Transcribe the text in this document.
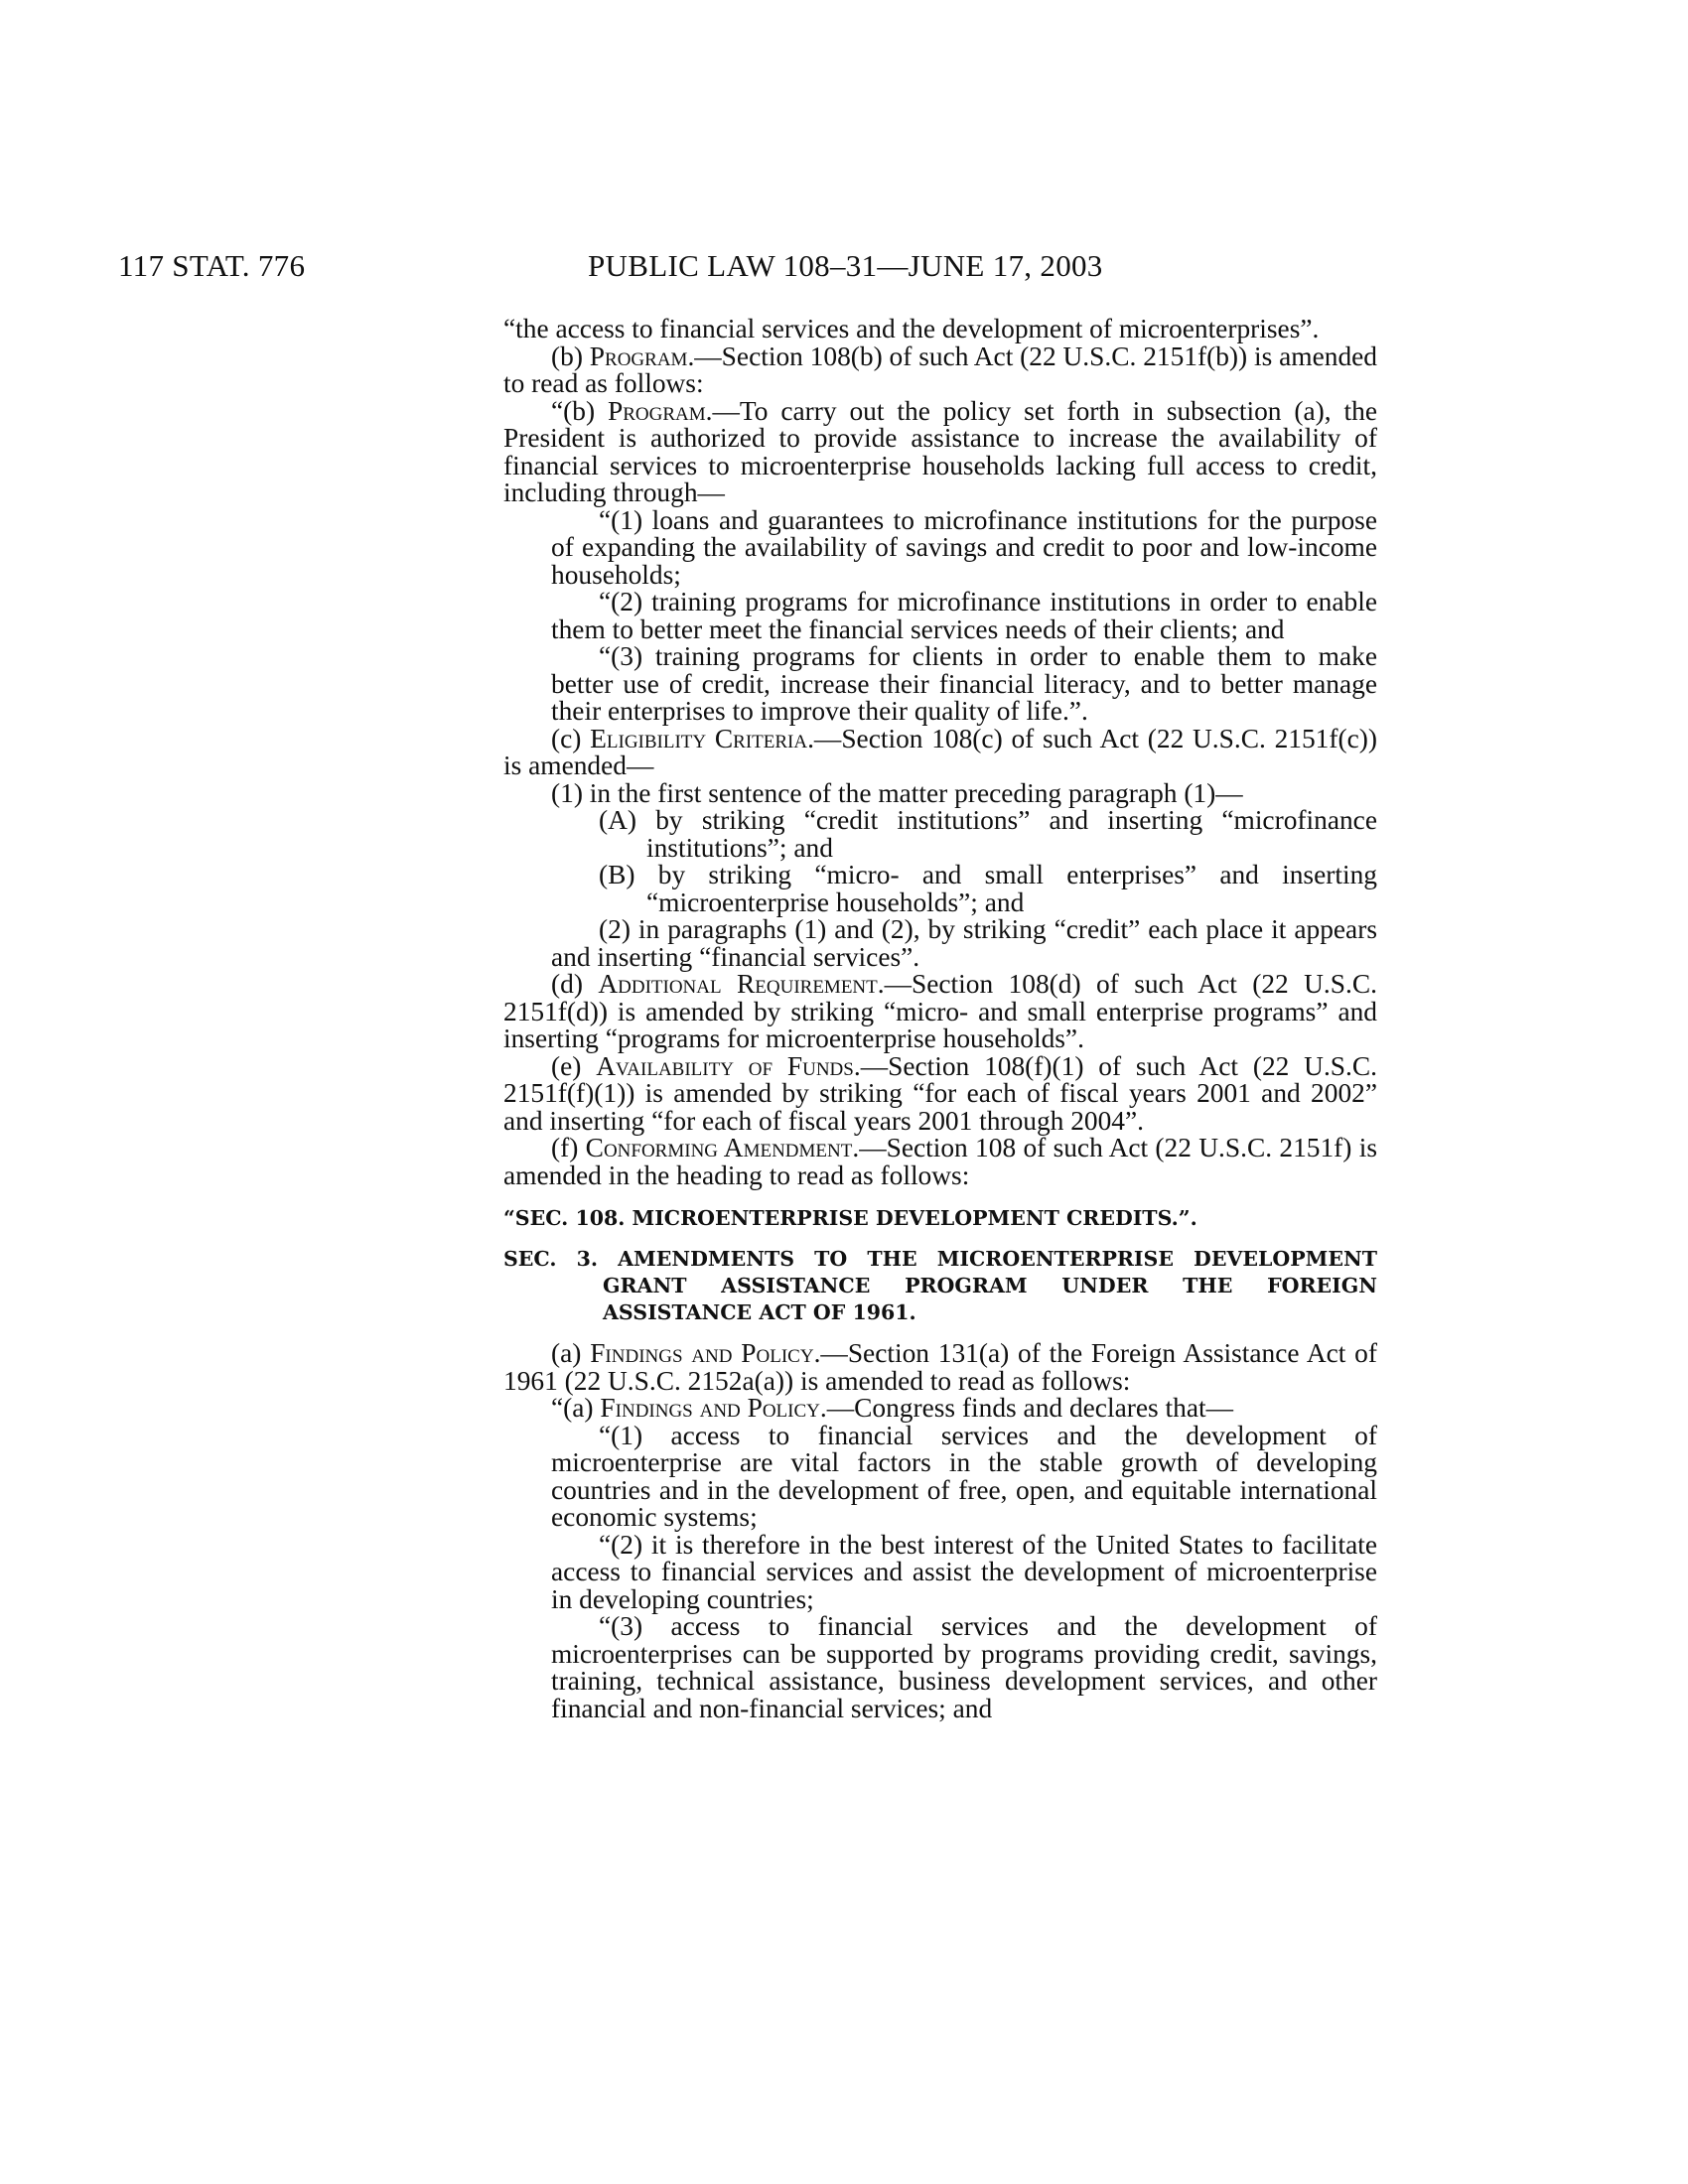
117 STAT. 776	PUBLIC LAW 108–31—JUNE 17, 2003

“the access to financial services and the development of microenterprises”.

(b) Program.—Section 108(b) of such Act (22 U.S.C. 2151f(b)) is amended to read as follows:

“(b) Program.—To carry out the policy set forth in subsection (a), the President is authorized to provide assistance to increase the availability of financial services to microenterprise households lacking full access to credit, including through—

“(1) loans and guarantees to microfinance institutions for the purpose of expanding the availability of savings and credit to poor and low-income households;

“(2) training programs for microfinance institutions in order to enable them to better meet the financial services needs of their clients; and

“(3) training programs for clients in order to enable them to make better use of credit, increase their financial literacy, and to better manage their enterprises to improve their quality of life.”.

(c) Eligibility Criteria.—Section 108(c) of such Act (22 U.S.C. 2151f(c)) is amended—

(1) in the first sentence of the matter preceding paragraph (1)—

(A) by striking “credit institutions” and inserting “microfinance institutions”; and

(B) by striking “micro- and small enterprises” and inserting “microenterprise households”; and

(2) in paragraphs (1) and (2), by striking “credit” each place it appears and inserting “financial services”.

(d) Additional Requirement.—Section 108(d) of such Act (22 U.S.C. 2151f(d)) is amended by striking “micro- and small enterprise programs” and inserting “programs for microenterprise households”.

(e) Availability of Funds.—Section 108(f)(1) of such Act (22 U.S.C. 2151f(f)(1)) is amended by striking “for each of fiscal years 2001 and 2002” and inserting “for each of fiscal years 2001 through 2004”.

(f) Conforming Amendment.—Section 108 of such Act (22 U.S.C. 2151f) is amended in the heading to read as follows:

“SEC. 108. MICROENTERPRISE DEVELOPMENT CREDITS.”.

SEC. 3. AMENDMENTS TO THE MICROENTERPRISE DEVELOPMENT GRANT ASSISTANCE PROGRAM UNDER THE FOREIGN ASSISTANCE ACT OF 1961.

(a) Findings and Policy.—Section 131(a) of the Foreign Assistance Act of 1961 (22 U.S.C. 2152a(a)) is amended to read as follows:

“(a) Findings and Policy.—Congress finds and declares that—

“(1) access to financial services and the development of microenterprise are vital factors in the stable growth of developing countries and in the development of free, open, and equitable international economic systems;

“(2) it is therefore in the best interest of the United States to facilitate access to financial services and assist the development of microenterprise in developing countries;

“(3) access to financial services and the development of microenterprises can be supported by programs providing credit, savings, training, technical assistance, business development services, and other financial and non-financial services; and
